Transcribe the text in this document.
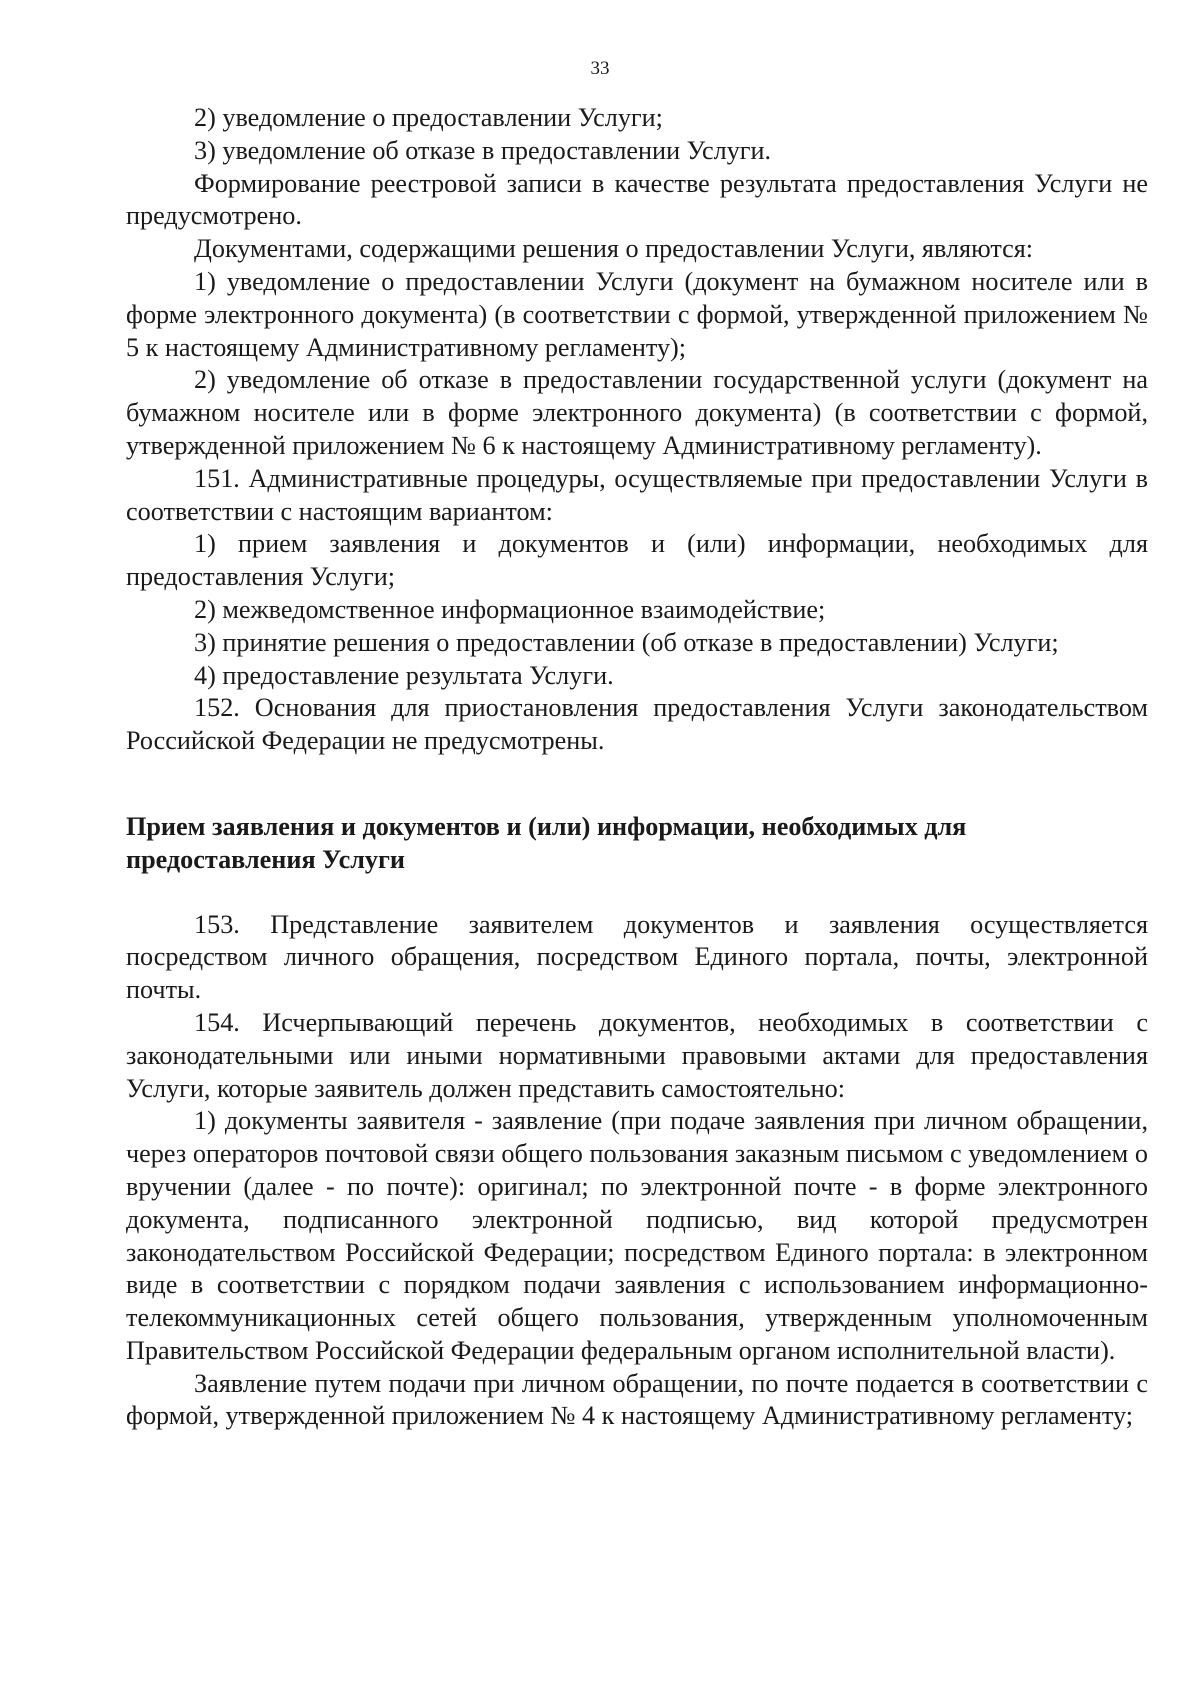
33

2) уведомление о предоставлении Услуги;

3) уведомление об отказе в предоставлении Услуги.

Формирование реестровой записи в качестве результата предоставления Услуги не предусмотрено.

Документами, содержащими решения о предоставлении Услуги, являются:

1) уведомление о предоставлении Услуги (документ на бумажном носителе или в форме электронного документа) (в соответствии с формой, утвержденной приложением № 5 к настоящему Административному регламенту);

2) уведомление об отказе в предоставлении государственной услуги (документ на бумажном носителе или в форме электронного документа) (в соответствии с формой, утвержденной приложением № 6 к настоящему Административному регламенту).

151. Административные процедуры, осуществляемые при предоставлении Услуги в соответствии с настоящим вариантом:

1) прием заявления и документов и (или) информации, необходимых для предоставления Услуги;

2) межведомственное информационное взаимодействие;

3) принятие решения о предоставлении (об отказе в предоставлении) Услуги;

4) предоставление результата Услуги.

152. Основания для приостановления предоставления Услуги законодательством Российской Федерации не предусмотрены.

Прием заявления и документов и (или) информации, необходимых для

предоставления Услуги

153. Представление заявителем документов и заявления осуществляется посредством личного обращения, посредством Единого портала, почты, электронной почты.

154. Исчерпывающий перечень документов, необходимых в соответствии с законодательными или иными нормативными правовыми актами для предоставления Услуги, которые заявитель должен представить самостоятельно:

1) документы заявителя - заявление (при подаче заявления при личном обращении, через операторов почтовой связи общего пользования заказным письмом с уведомлением о вручении (далее - по почте): оригинал; по электронной почте - в форме электронного документа, подписанного электронной подписью, вид которой предусмотрен законодательством Российской Федерации; посредством Единого портала: в электронном виде в соответствии с порядком подачи заявления с использованием информационно-телекоммуникационных сетей общего пользования, утвержденным уполномоченным Правительством Российской Федерации федеральным органом исполнительной власти).

Заявление путем подачи при личном обращении, по почте подается в соответствии с формой, утвержденной приложением № 4 к настоящему Административному регламенту;
